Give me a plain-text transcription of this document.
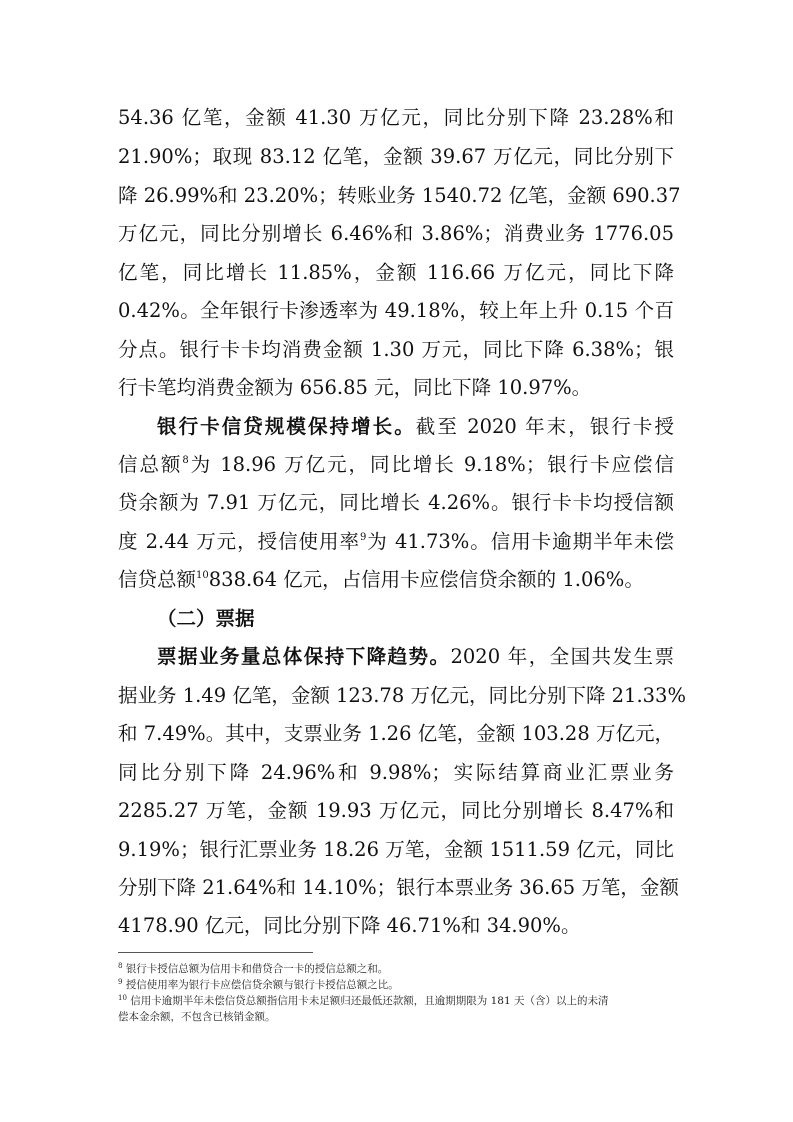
54.36 亿笔，金额 41.30 万亿元，同比分别下降 23.28%和
21.90%；取现 83.12 亿笔，金额 39.67 万亿元，同比分别下
降 26.99%和 23.20%；转账业务 1540.72 亿笔，金额 690.37
万亿元，同比分别增长 6.46%和 3.86%；消费业务 1776.05
亿笔，同比增长 11.85%，金额 116.66 万亿元，同比下降
0.42%。全年银行卡渗透率为 49.18%，较上年上升 0.15 个百
分点。银行卡卡均消费金额 1.30 万元，同比下降 6.38%；银
行卡笔均消费金额为 656.85 元，同比下降 10.97%。
银行卡信贷规模保持增长。截至 2020 年末，银行卡授
信总额$^8$为 18.96 万亿元，同比增长 9.18%；银行卡应偿信
贷余额为 7.91 万亿元，同比增长 4.26%。银行卡卡均授信额
度 2.44 万元，授信使用率$^9$为 41.73%。信用卡逾期半年未偿
信贷总额$^{10}$838.64 亿元，占信用卡应偿信贷余额的 1.06%。
（二）票据
票据业务量总体保持下降趋势。2020 年，全国共发生票
据业务 1.49 亿笔，金额 123.78 万亿元，同比分别下降 21.33%
和 7.49%。其中，支票业务 1.26 亿笔，金额 103.28 万亿元，
同比分别下降 24.96%和 9.98%；实际结算商业汇票业务
2285.27 万笔，金额 19.93 万亿元，同比分别增长 8.47%和
9.19%；银行汇票业务 18.26 万笔，金额 1511.59 亿元，同比
分别下降 21.64%和 14.10%；银行本票业务 36.65 万笔，金额
4178.90 亿元，同比分别下降 46.71%和 34.90%。
$^8$ 银行卡授信总额为信用卡和借贷合一卡的授信总额之和。
$^9$ 授信使用率为银行卡应偿信贷余额与银行卡授信总额之比。
$^{10}$ 信用卡逾期半年未偿信贷总额指信用卡未足额归还最低还款额，且逾期期限为 181 天（含）以上的未清
偿本金余额，不包含已核销金额。
